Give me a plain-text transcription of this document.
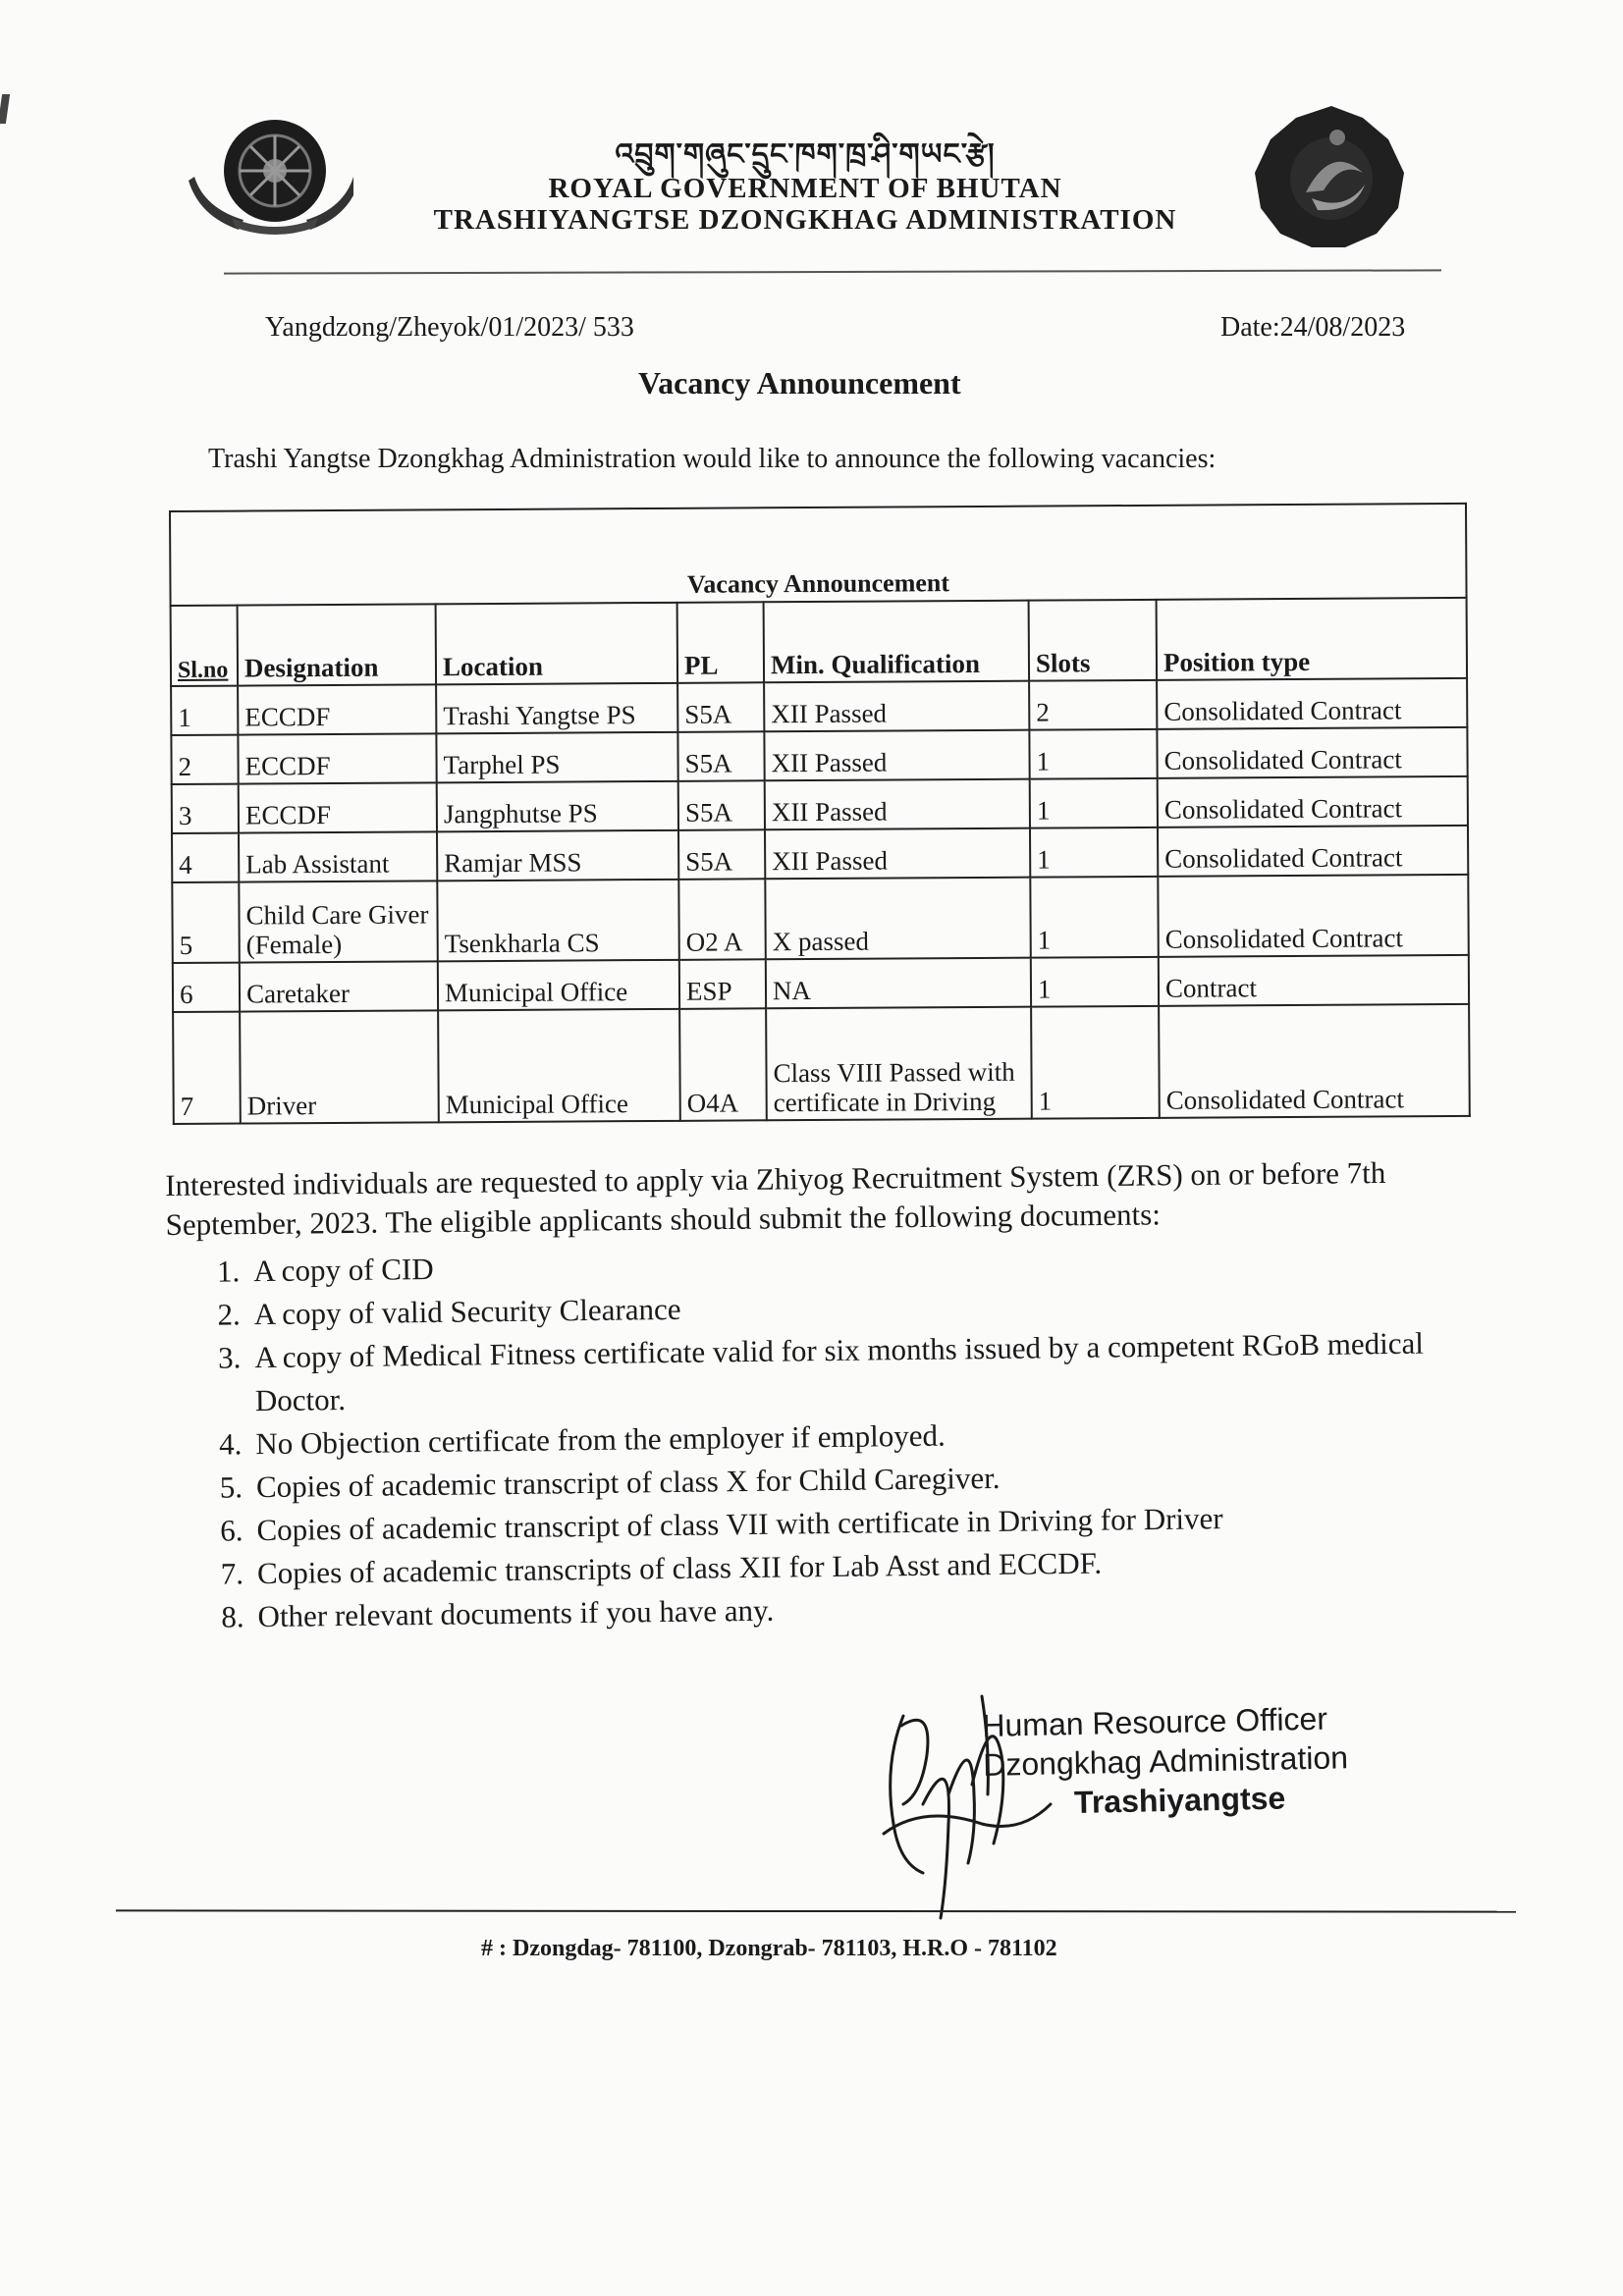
འབྲུག་གཞུང་དྲུང་ཁག་ཁྲ་ཤི་གཡང་རྩེ།
ROYAL GOVERNMENT OF BHUTAN
TRASHIYANGTSE DZONGKHAG ADMINISTRATION
Yangdzong/Zheyok/01/2023/ 533	Date:24/08/2023
Vacancy Announcement
Trashi Yangtse Dzongkhag Administration would like to announce the following vacancies:
Vacancy Announcement						
Sl.no	Designation	Location	PL	Min. Qualification	Slots	Position type
1	ECCDF	Trashi Yangtse PS	S5A	XII Passed	2	Consolidated Contract
2	ECCDF	Tarphel PS	S5A	XII Passed	1	Consolidated Contract
3	ECCDF	Jangphutse PS	S5A	XII Passed	1	Consolidated Contract
4	Lab Assistant	Ramjar MSS	S5A	XII Passed	1	Consolidated Contract
5	Child Care Giver (Female)	Tsenkharla CS	O2 A	X passed	1	Consolidated Contract
6	Caretaker	Municipal Office	ESP	NA	1	Contract
7	Driver	Municipal Office	O4A	Class VIII Passed with certificate in Driving	1	Consolidated Contract
Interested individuals are requested to apply via Zhiyog Recruitment System (ZRS) on or before 7th September, 2023. The eligible applicants should submit the following documents:
1. A copy of CID
2. A copy of valid Security Clearance
3. A copy of Medical Fitness certificate valid for six months issued by a competent RGoB medical Doctor.
4. No Objection certificate from the employer if employed.
5. Copies of academic transcript of class X for Child Caregiver.
6. Copies of academic transcript of class VII with certificate in Driving for Driver
7. Copies of academic transcripts of class XII for Lab Asst and ECCDF.
8. Other relevant documents if you have any.
Human Resource Officer
Dzongkhag Administration
Trashiyangtse
# : Dzongdag- 781100, Dzongrab- 781103, H.R.O - 781102
